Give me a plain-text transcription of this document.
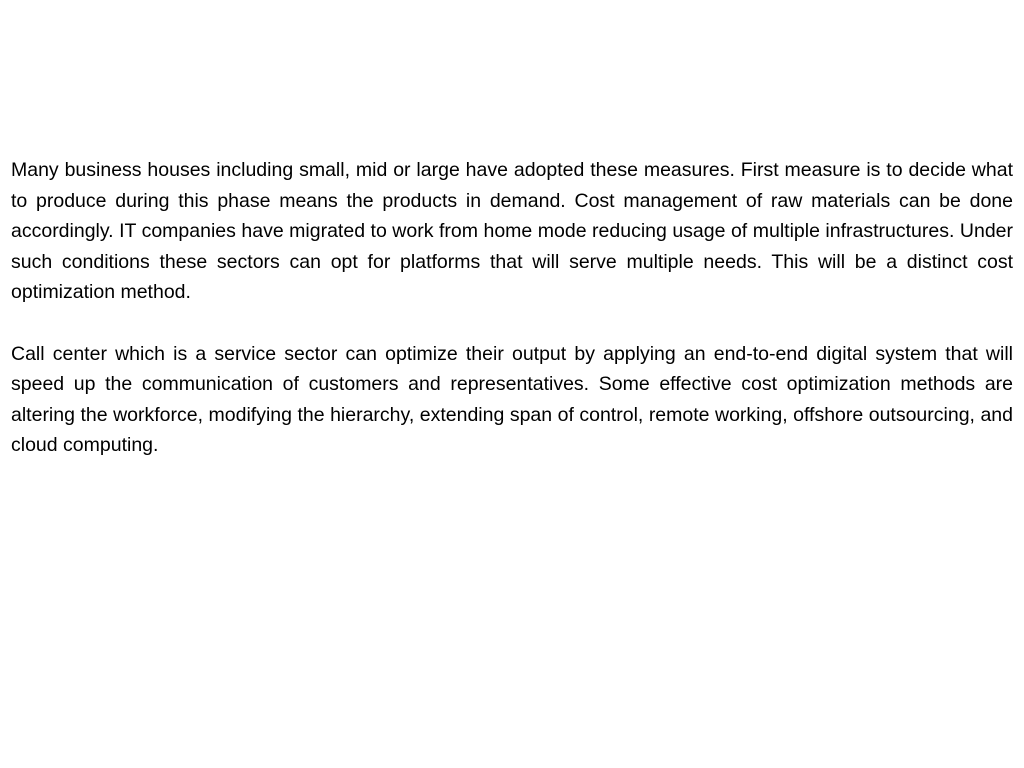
Many business houses including small, mid or large have adopted these measures. First measure is to decide what to produce during this phase means the products in demand. Cost management of raw materials can be done accordingly. IT companies have migrated to work from home mode reducing usage of multiple infrastructures. Under such conditions these sectors can opt for platforms that will serve multiple needs. This will be a distinct cost optimization method.

Call center which is a service sector can optimize their output by applying an end-to-end digital system that will speed up the communication of customers and representatives. Some effective cost optimization methods are altering the workforce, modifying the hierarchy, extending span of control, remote working, offshore outsourcing, and cloud computing.
